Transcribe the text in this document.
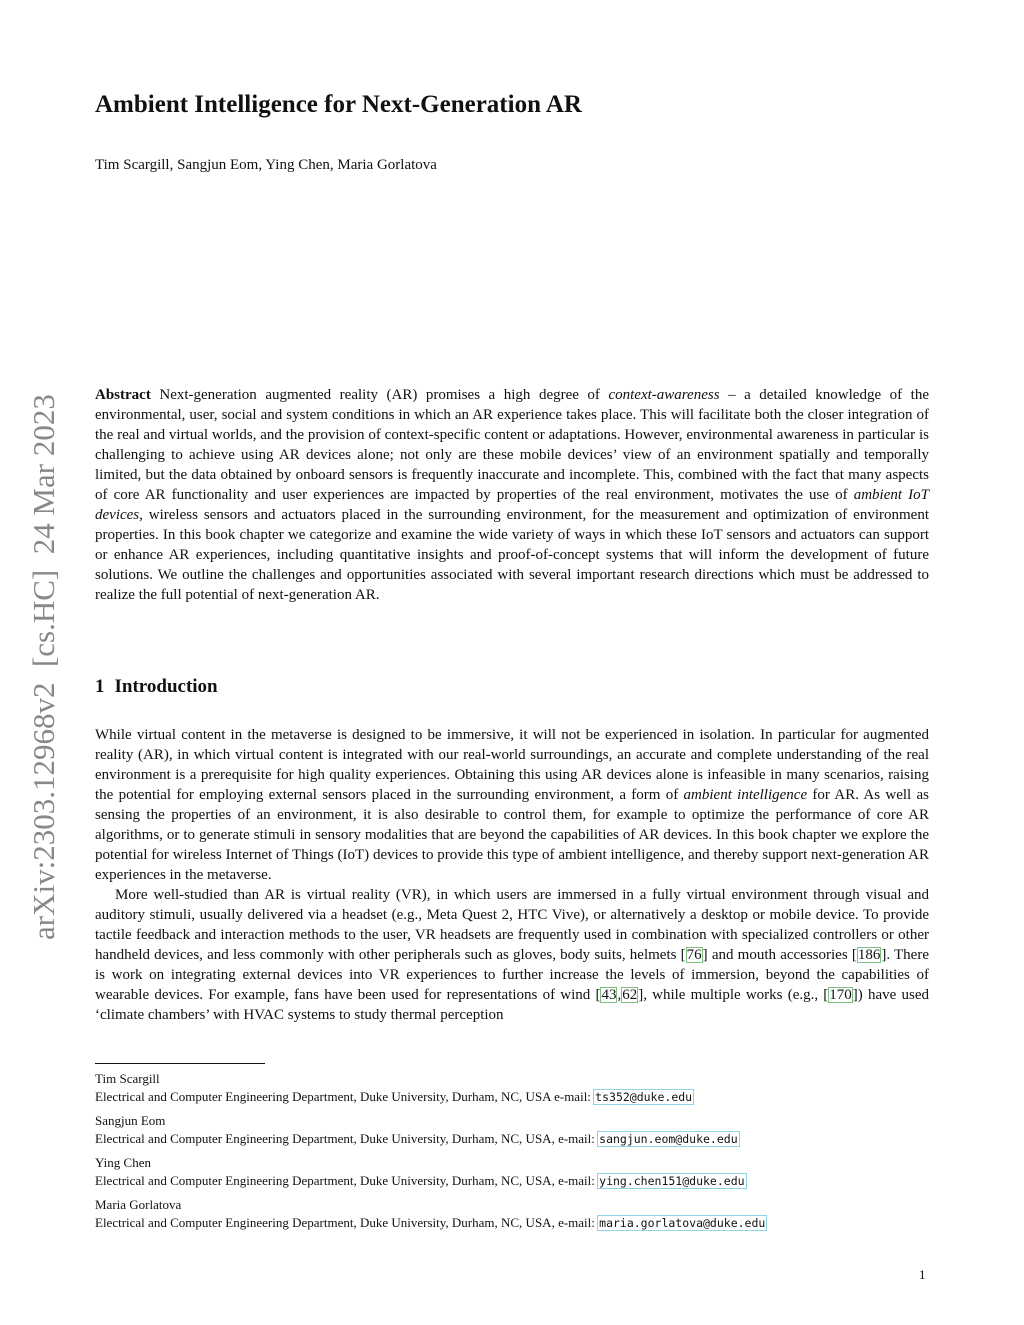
arXiv:2303.12968v2  [cs.HC]  24 Mar 2023
Ambient Intelligence for Next-Generation AR
Tim Scargill, Sangjun Eom, Ying Chen, Maria Gorlatova

Abstract Next-generation augmented reality (AR) promises a high degree of context-awareness – a detailed knowledge of the environmental, user, social and system conditions in which an AR experience takes place. This will facilitate both the closer integration of the real and virtual worlds, and the provision of context-specific content or adaptations. However, environmental awareness in particular is challenging to achieve using AR devices alone; not only are these mobile devices’ view of an environment spatially and temporally limited, but the data obtained by onboard sensors is frequently inaccurate and incomplete. This, combined with the fact that many aspects of core AR functionality and user experiences are impacted by properties of the real environment, motivates the use of ambient IoT devices, wireless sensors and actuators placed in the surrounding environment, for the measurement and optimization of environment properties. In this book chapter we categorize and examine the wide variety of ways in which these IoT sensors and actuators can support or enhance AR experiences, including quantitative insights and proof-of-concept systems that will inform the development of future solutions. We outline the challenges and opportunities associated with several important research directions which must be addressed to realize the full potential of next-generation AR.

1 Introduction

While virtual content in the metaverse is designed to be immersive, it will not be experienced in isolation. In particular for augmented reality (AR), in which virtual content is integrated with our real-world surroundings, an accurate and complete understanding of the real environment is a prerequisite for high quality experiences. Obtaining this using AR devices alone is infeasible in many scenarios, raising the potential for employing external sensors placed in the surrounding environment, a form of ambient intelligence for AR. As well as sensing the properties of an environment, it is also desirable to control them, for example to optimize the performance of core AR algorithms, or to generate stimuli in sensory modalities that are beyond the capabilities of AR devices. In this book chapter we explore the potential for wireless Internet of Things (IoT) devices to provide this type of ambient intelligence, and thereby support next-generation AR experiences in the metaverse.

More well-studied than AR is virtual reality (VR), in which users are immersed in a fully virtual environment through visual and auditory stimuli, usually delivered via a headset (e.g., Meta Quest 2, HTC Vive), or alternatively a desktop or mobile device. To provide tactile feedback and interaction methods to the user, VR headsets are frequently used in combination with specialized controllers or other handheld devices, and less commonly with other peripherals such as gloves, body suits, helmets [76] and mouth accessories [186]. There is work on integrating external devices into VR experiences to further increase the levels of immersion, beyond the capabilities of wearable devices. For example, fans have been used for representations of wind [43,62], while multiple works (e.g., [170]) have used ‘climate chambers’ with HVAC systems to study thermal perception

Tim Scargill
Electrical and Computer Engineering Department, Duke University, Durham, NC, USA e-mail: ts352@duke.edu
Sangjun Eom
Electrical and Computer Engineering Department, Duke University, Durham, NC, USA, e-mail: sangjun.eom@duke.edu
Ying Chen
Electrical and Computer Engineering Department, Duke University, Durham, NC, USA, e-mail: ying.chen151@duke.edu
Maria Gorlatova
Electrical and Computer Engineering Department, Duke University, Durham, NC, USA, e-mail: maria.gorlatova@duke.edu
1
